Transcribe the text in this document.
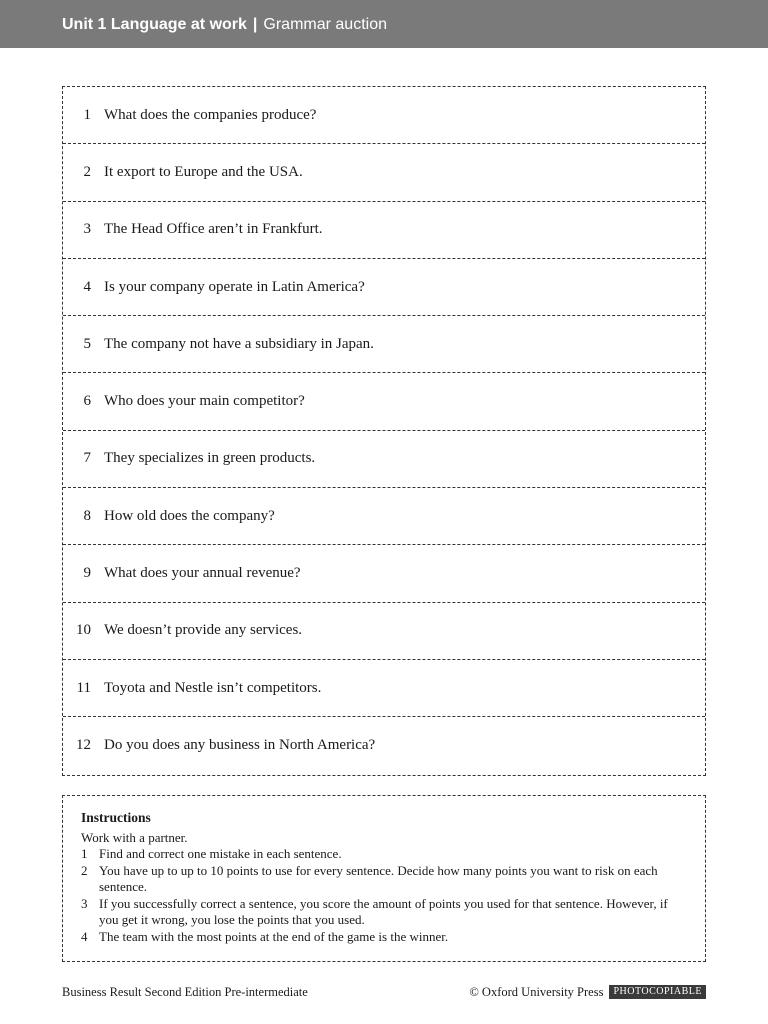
Unit 1 Language at work | Grammar auction
1 What does the companies produce?
2 It export to Europe and the USA.
3 The Head Office aren’t in Frankfurt.
4 Is your company operate in Latin America?
5 The company not have a subsidiary in Japan.
6 Who does your main competitor?
7 They specializes in green products.
8 How old does the company?
9 What does your annual revenue?
10 We doesn’t provide any services.
11 Toyota and Nestle isn’t competitors.
12 Do you does any business in North America?
Instructions
Work with a partner.
1 Find and correct one mistake in each sentence.
2 You have up to up to 10 points to use for every sentence. Decide how many points you want to risk on each sentence.
3 If you successfully correct a sentence, you score the amount of points you used for that sentence. However, if you get it wrong, you lose the points that you used.
4 The team with the most points at the end of the game is the winner.
Business Result Second Edition Pre-intermediate	© Oxford University Press	PHOTOCOPIABLE
